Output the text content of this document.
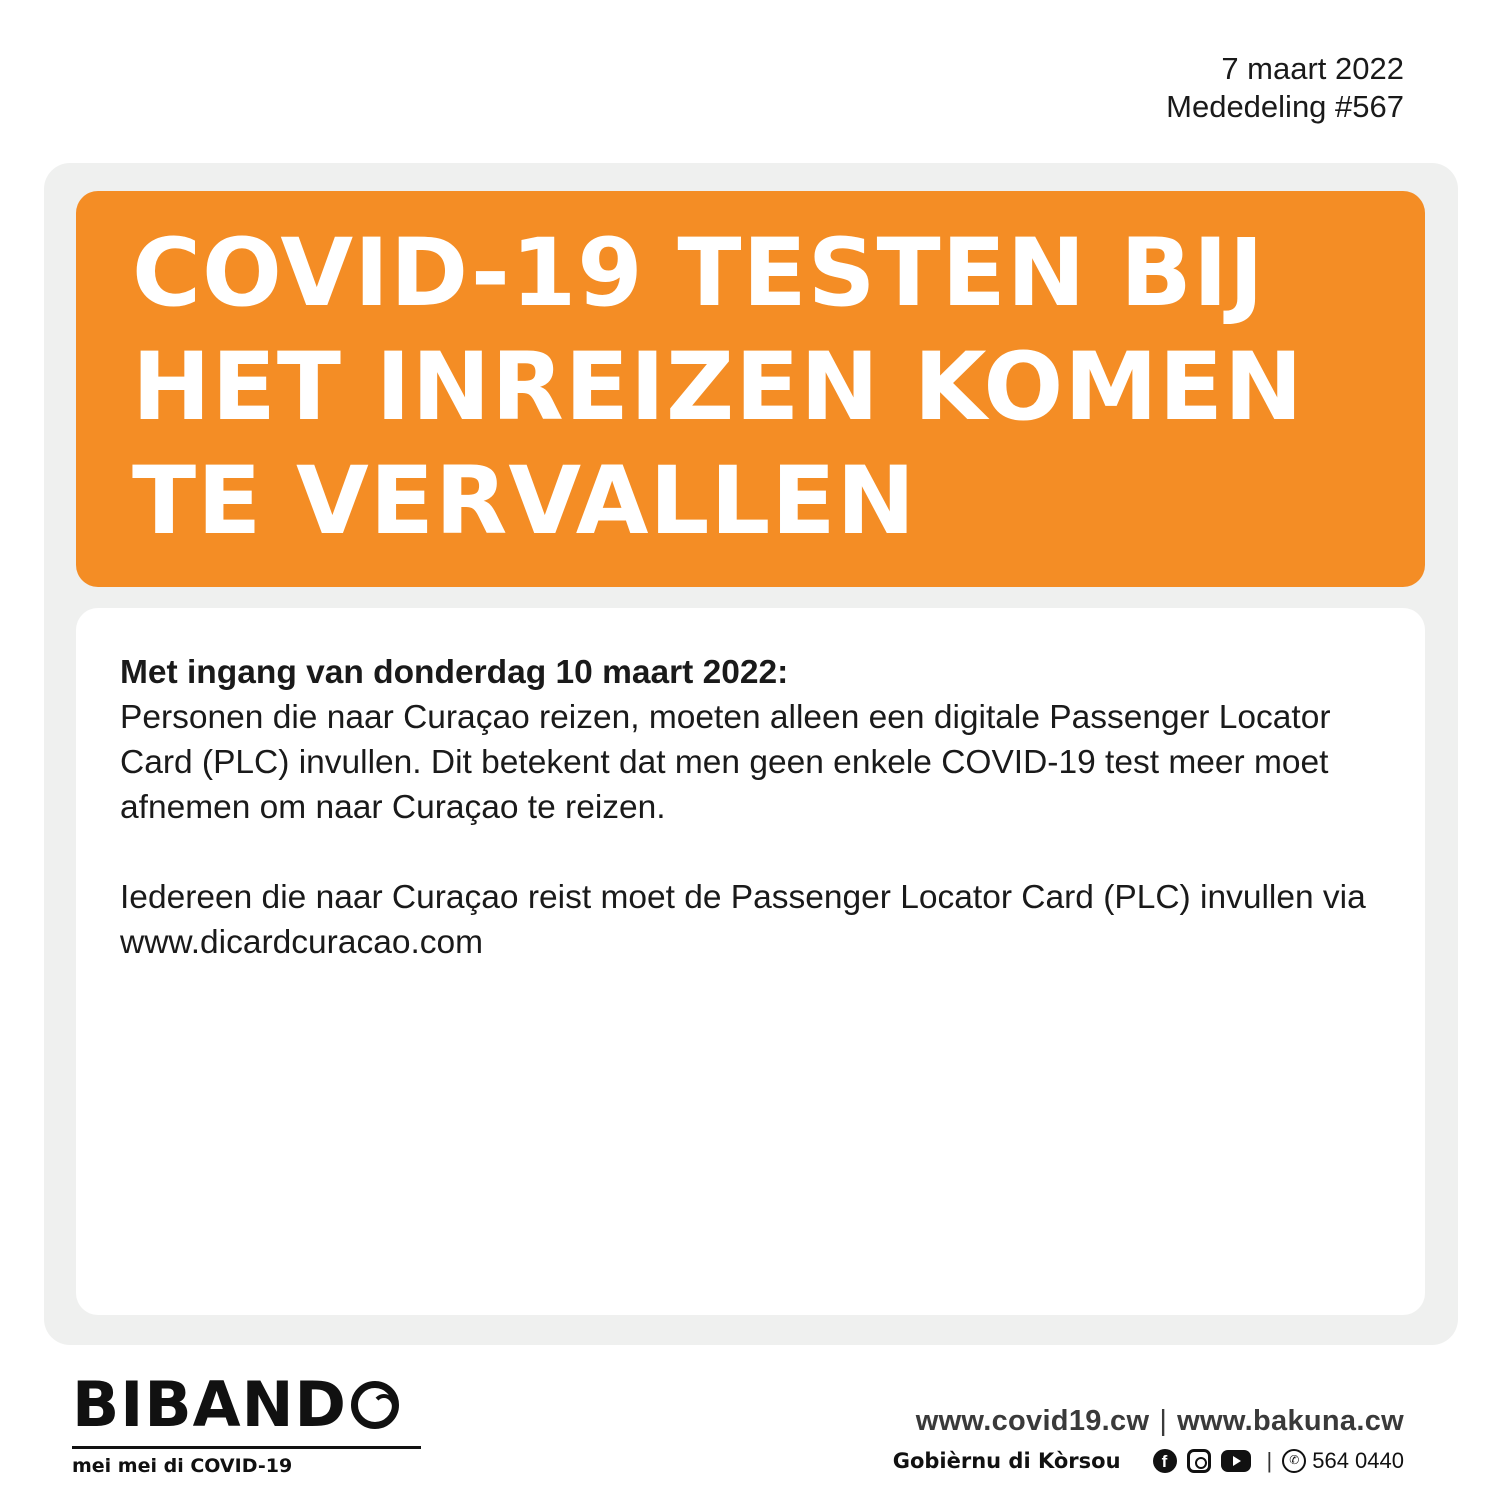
7 maart 2022
Mededeling #567
COVID-19 TESTEN BIJ
HET INREIZEN KOMEN
TE VERVALLEN
Met ingang van donderdag 10 maart 2022:
Personen die naar Curaçao reizen, moeten alleen een digitale Passenger Locator Card (PLC) invullen. Dit betekent dat men geen enkele COVID-19 test meer moet afnemen om naar Curaçao te reizen.
Iedereen die naar Curaçao reist moet de Passenger Locator Card (PLC) invullen via www.dicardcuracao.com
BIBAND
mei mei di COVID-19
www.covid19.cw | www.bakuna.cw
Gobièrnu di Kòrsou	f	|	✆ 564 0440
